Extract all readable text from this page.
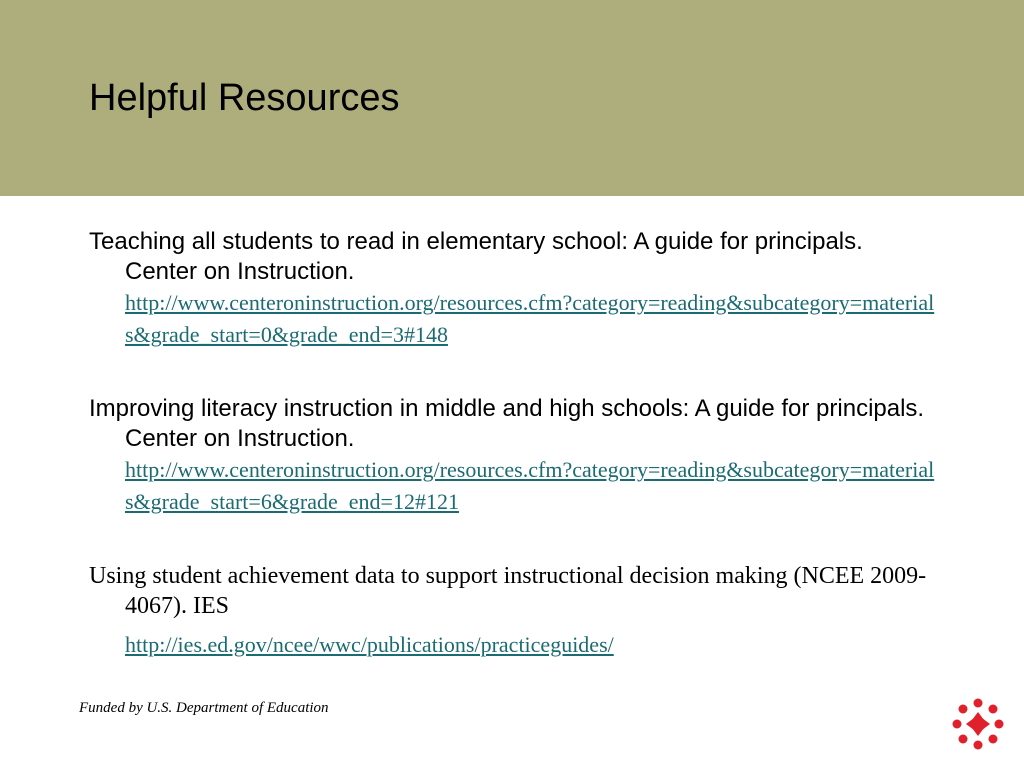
Helpful Resources

Teaching all students to read in elementary school: A guide for principals. Center on Instruction.

http://www.centeroninstruction.org/resources.cfm?category=reading&subcategory=materials&grade_start=0&grade_end=3#148

Improving literacy instruction in middle and high schools: A guide for principals. Center on Instruction.

http://www.centeroninstruction.org/resources.cfm?category=reading&subcategory=materials&grade_start=6&grade_end=12#121

Using student achievement data to support instructional decision making (NCEE 2009-4067). IES

http://ies.ed.gov/ncee/wwc/publications/practiceguides/
Funded by U.S. Department of Education
